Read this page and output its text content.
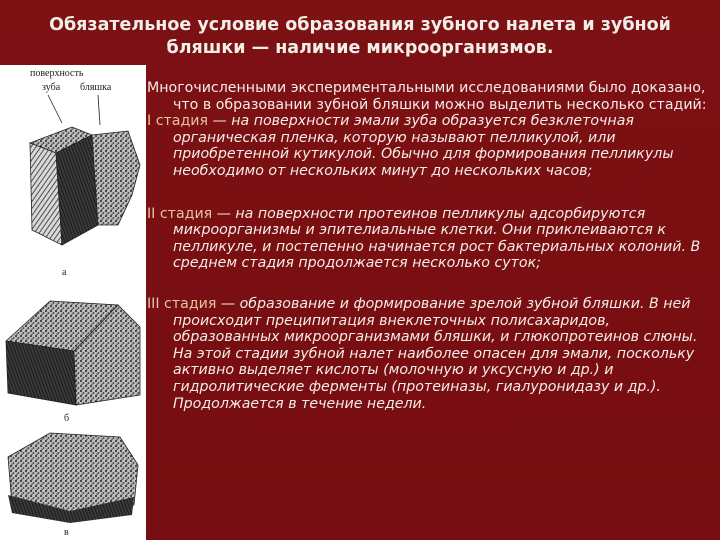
Обязательное условие образования зубного налета и зубной бляшки — наличие микроорганизмов.
поверхность
зуба бляшка
а
б
в

Многочисленными экспериментальными исследованиями было доказано, что в образовании зубной бляшки можно выделить несколько стадий:

I стадия — на поверхности эмали зуба образуется безклеточная органическая пленка, которую называют пелликулой, или приобретенной кутикулой. Обычно для формирования пелликулы необходимо от нескольких минут до нескольких часов;

II стадия — на поверхности протеинов пелликулы адсорбируются микроорганизмы и эпителиальные клетки. Они приклеиваются к пелликуле, и постепенно начинается рост бактериальных колоний. В среднем стадия продолжается несколько суток;

III стадия — образование и формирование зрелой зубной бляшки. В ней происходит преципитация внеклеточных полисахаридов, образованных микроорганизмами бляшки, и глюкопротеинов слюны. На этой стадии зубной налет наиболее опасен для эмали, поскольку активно выделяет кислоты (молочную и уксусную и др.) и гидролитические ферменты (протеиназы, гиалуронидазу и др.). Продолжается в течение недели.
